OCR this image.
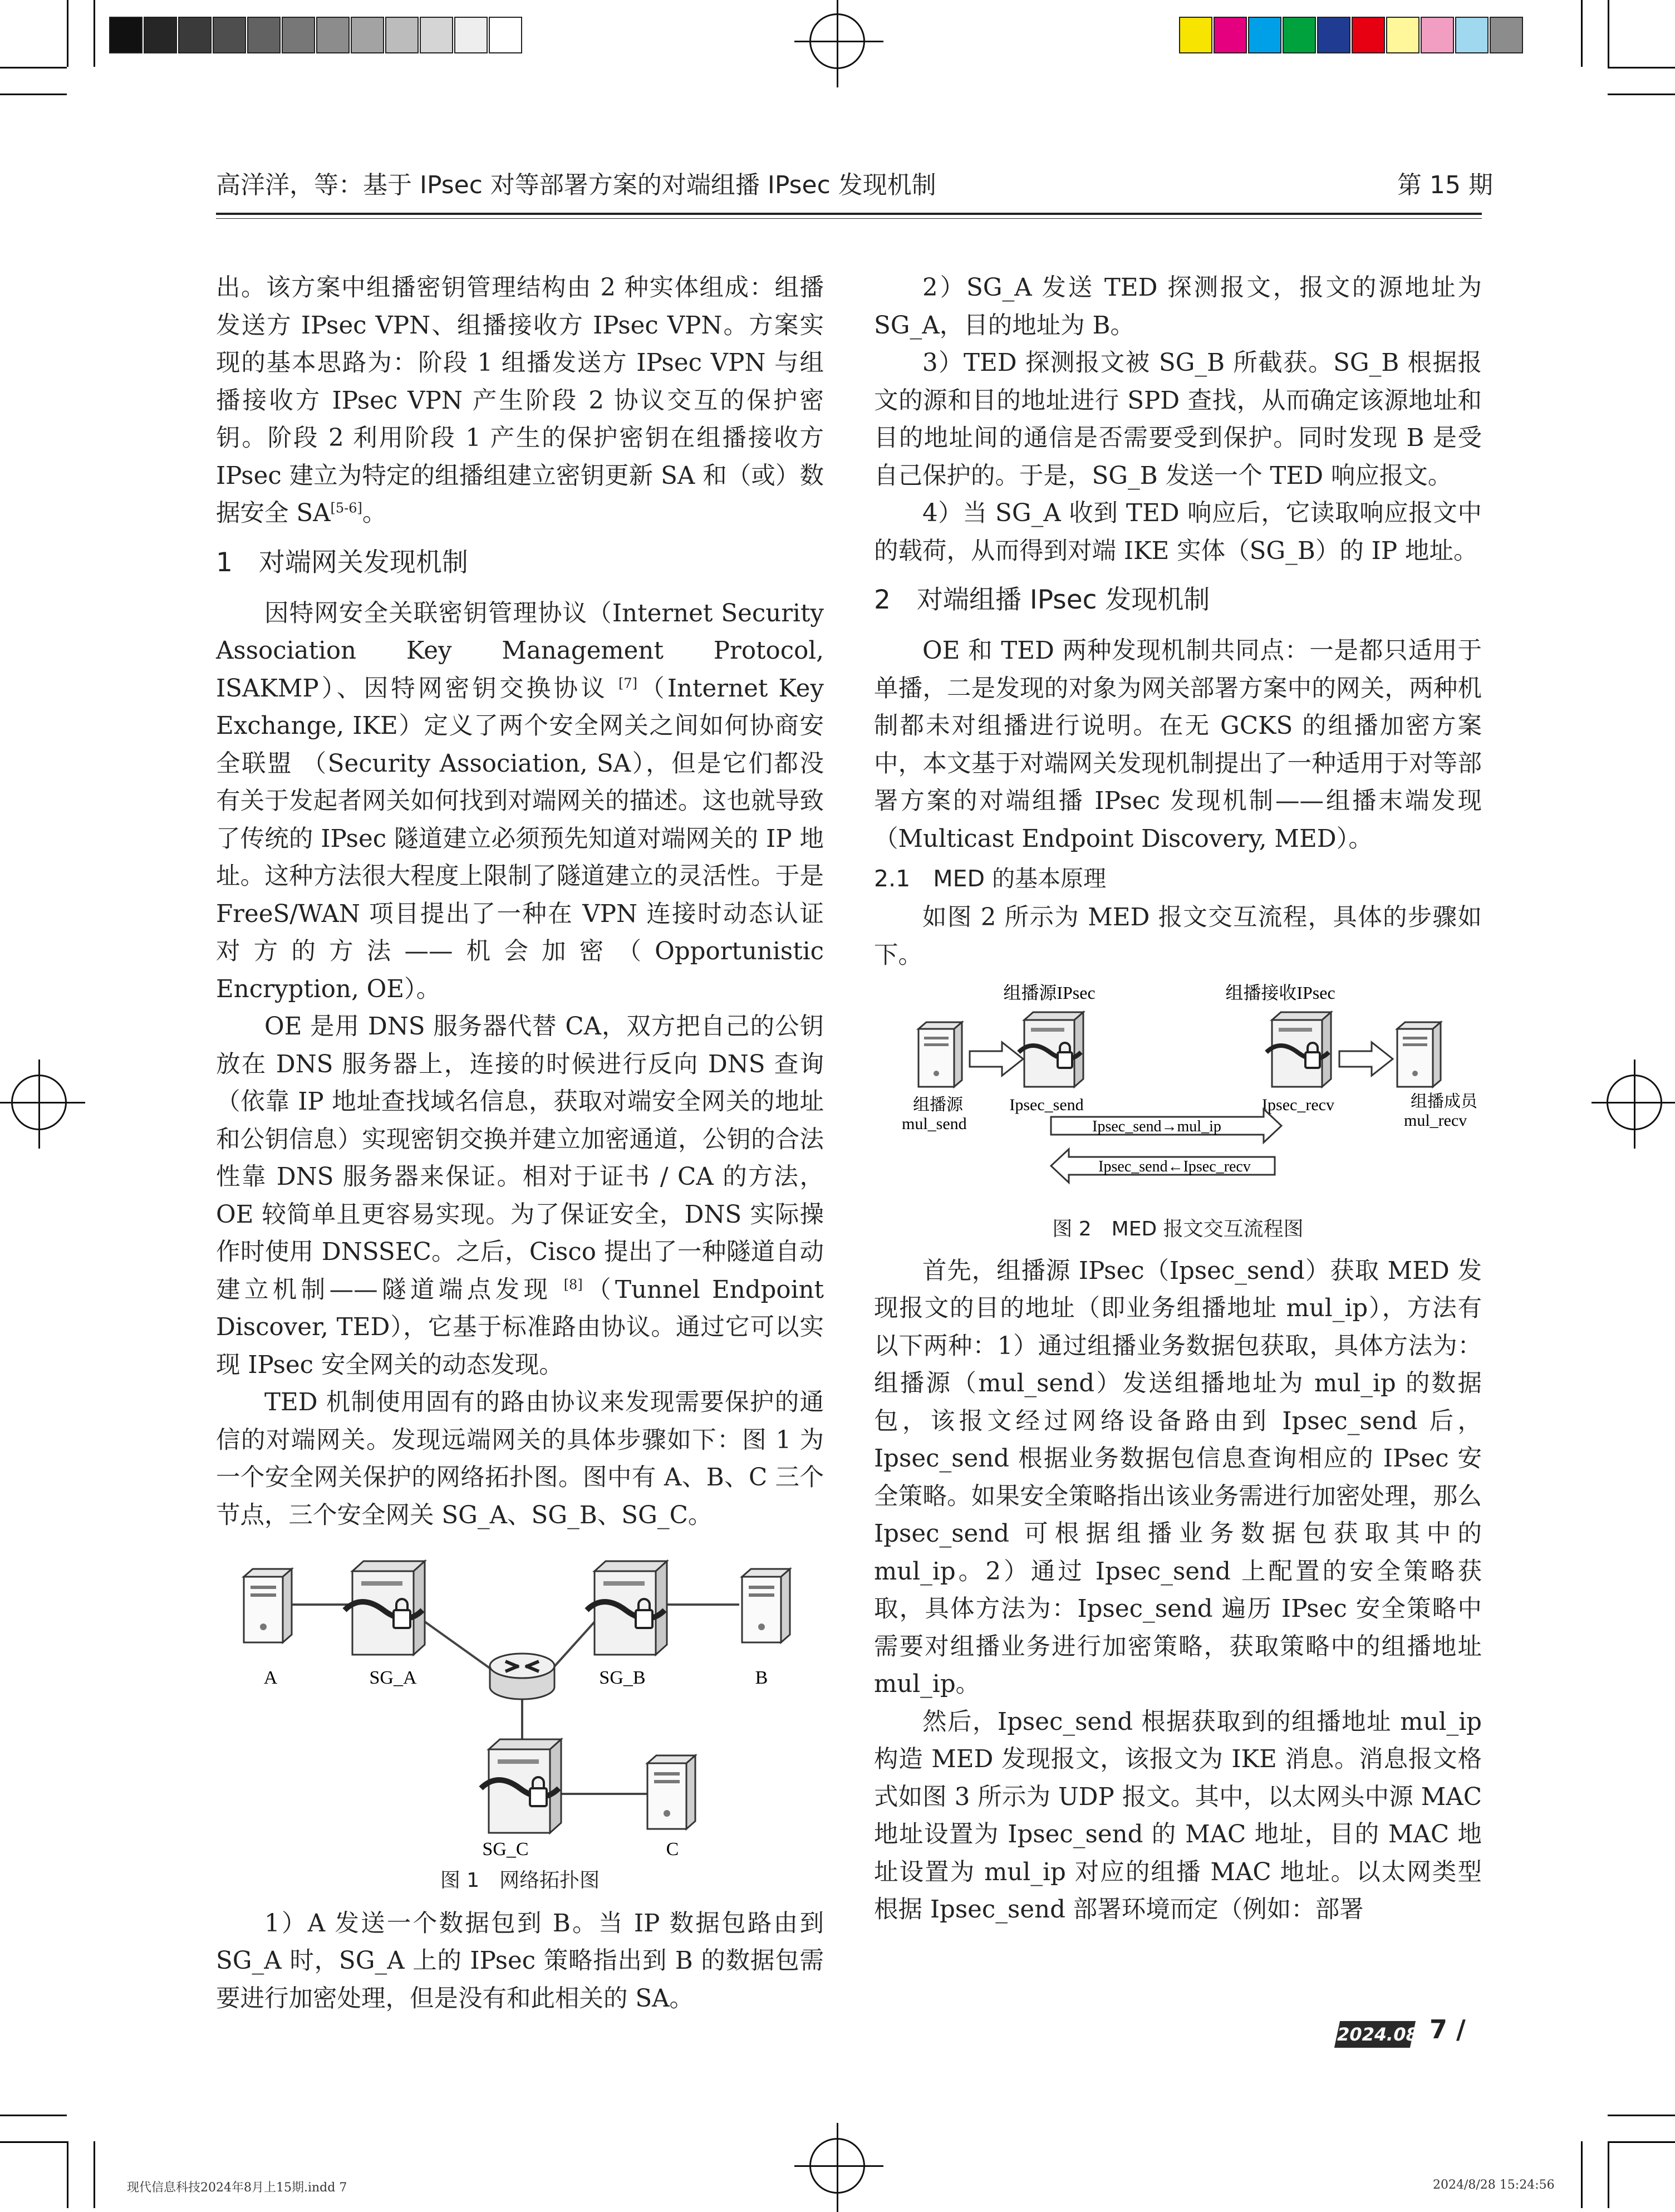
高洋洋，等：基于 IPsec 对等部署方案的对端组播 IPsec 发现机制	第 15 期

出。该方案中组播密钥管理结构由 2 种实体组成：组播发送方 IPsec VPN、组播接收方 IPsec VPN。方案实现的基本思路为：阶段 1 组播发送方 IPsec VPN 与组播接收方 IPsec VPN 产生阶段 2 协议交互的保护密钥。阶段 2 利用阶段 1 产生的保护密钥在组播接收方 IPsec 建立为特定的组播组建立密钥更新 SA 和（或）数据安全 SA[5-6]。

1　对端网关发现机制

因特网安全关联密钥管理协议（Internet Security Association Key Management Protocol, ISAKMP）、因特网密钥交换协议 [7]（Internet Key Exchange, IKE）定义了两个安全网关之间如何协商安全联盟 （Security Association, SA），但是它们都没有关于发起者网关如何找到对端网关的描述。这也就导致了传统的 IPsec 隧道建立必须预先知道对端网关的 IP 地址。这种方法很大程度上限制了隧道建立的灵活性。于是 FreeS/WAN 项目提出了一种在 VPN 连接时动态认证对方的方法——机会加密（Opportunistic Encryption, OE）。

OE 是用 DNS 服务器代替 CA，双方把自己的公钥放在 DNS 服务器上，连接的时候进行反向 DNS 查询（依靠 IP 地址查找域名信息，获取对端安全网关的地址和公钥信息）实现密钥交换并建立加密通道，公钥的合法性靠 DNS 服务器来保证。相对于证书 / CA 的方法，OE 较简单且更容易实现。为了保证安全，DNS 实际操作时使用 DNSSEC。之后，Cisco 提出了一种隧道自动建立机制——隧道端点发现 [8]（Tunnel Endpoint Discover, TED），它基于标准路由协议。通过它可以实现 IPsec 安全网关的动态发现。

TED 机制使用固有的路由协议来发现需要保护的通信的对端网关。发现远端网关的具体步骤如下：图 1 为一个安全网关保护的网络拓扑图。图中有 A、B、C 三个节点，三个安全网关 SG_A、SG_B、SG_C。

A	SG_A	SG_B	B
SG_C	C

图 1　网络拓扑图

1）A 发送一个数据包到 B。当 IP 数据包路由到 SG_A 时，SG_A 上的 IPsec 策略指出到 B 的数据包需要进行加密处理，但是没有和此相关的 SA。

2）SG_A 发送 TED 探测报文，报文的源地址为 SG_A，目的地址为 B。

3）TED 探测报文被 SG_B 所截获。SG_B 根据报文的源和目的地址进行 SPD 查找，从而确定该源地址和目的地址间的通信是否需要受到保护。同时发现 B 是受自己保护的。于是，SG_B 发送一个 TED 响应报文。

4）当 SG_A 收到 TED 响应后，它读取响应报文中的载荷，从而得到对端 IKE 实体（SG_B）的 IP 地址。

2　对端组播 IPsec 发现机制

OE 和 TED 两种发现机制共同点：一是都只适用于单播，二是发现的对象为网关部署方案中的网关，两种机制都未对组播进行说明。在无 GCKS 的组播加密方案中，本文基于对端网关发现机制提出了一种适用于对等部署方案的对端组播 IPsec 发现机制——组播末端发现（Multicast Endpoint Discovery, MED）。

2.1　MED 的基本原理

如图 2 所示为 MED 报文交互流程，具体的步骤如下。

组播源IPsec	组播接收IPsec
组播源
mul_send
Ipsec_send	Ipsec_recv	组播成员
mul_recv
Ipsec_send→mul_ip
Ipsec_send←Ipsec_recv

图 2　MED 报文交互流程图

首先，组播源 IPsec（Ipsec_send）获取 MED 发现报文的目的地址（即业务组播地址 mul_ip），方法有以下两种：1）通过组播业务数据包获取，具体方法为：组播源（mul_send）发送组播地址为 mul_ip 的数据包，该报文经过网络设备路由到 Ipsec_send 后，Ipsec_send 根据业务数据包信息查询相应的 IPsec 安全策略。如果安全策略指出该业务需进行加密处理，那么 Ipsec_send 可根据组播业务数据包获取其中的 mul_ip。2）通过 Ipsec_send 上配置的安全策略获取，具体方法为：Ipsec_send 遍历 IPsec 安全策略中需要对组播业务进行加密策略，获取策略中的组播地址 mul_ip。

然后，Ipsec_send 根据获取到的组播地址 mul_ip 构造 MED 发现报文，该报文为 IKE 消息。消息报文格式如图 3 所示为 UDP 报文。其中，以太网头中源 MAC 地址设置为 Ipsec_send 的 MAC 地址，目的 MAC 地址设置为 mul_ip 对应的组播 MAC 地址。以太网类型根据 Ipsec_send 部署环境而定（例如：部署

2024.08 7 /
现代信息科技2024年8月上15期.indd 7	2024/8/28 15:24:56
